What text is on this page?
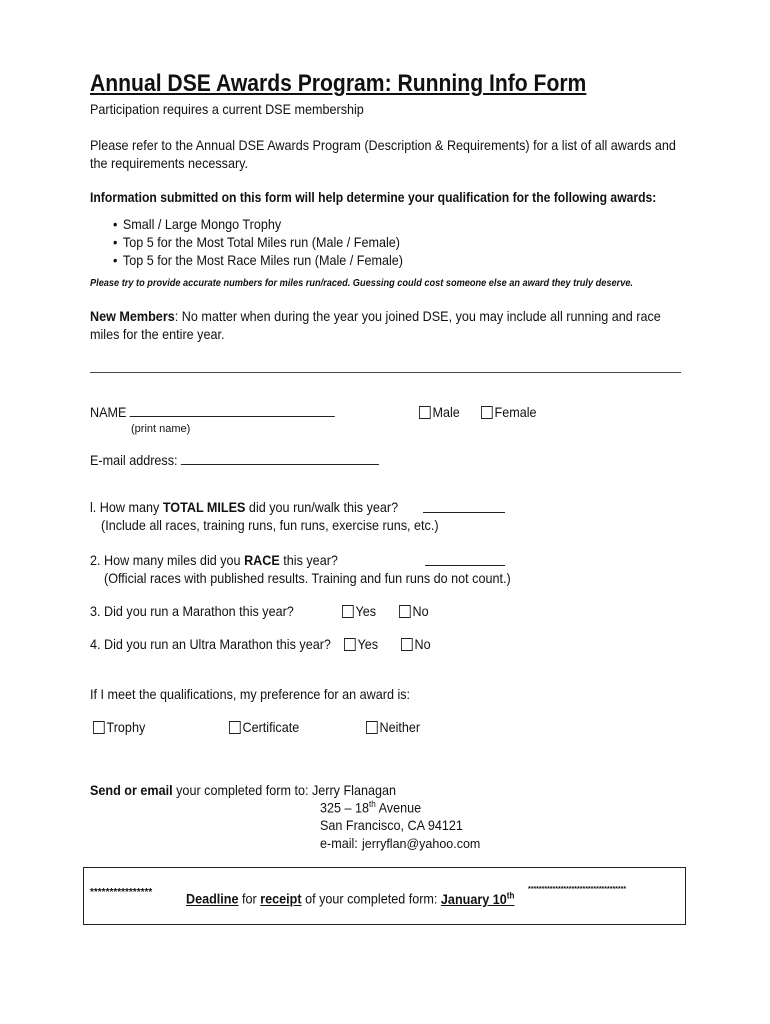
Annual DSE Awards Program: Running Info Form
Participation requires a current DSE membership
Please refer to the Annual DSE Awards Program (Description & Requirements) for a list of all awards and
the requirements necessary.
Information submitted on this form will help determine your qualification for the following awards:
• Small / Large Mongo Trophy
• Top 5 for the Most Total Miles run (Male / Female)
• Top 5 for the Most Race Miles run (Male / Female)
Please try to provide accurate numbers for miles run/raced. Guessing could cost someone else an award they truly deserve.
New Members: No matter when during the year you joined DSE, you may include all running and race
miles for the entire year.
NAME
(print name)
Male	Female
E-mail address:
l. How many TOTAL MILES did you run/walk this year?
(Include all races, training runs, fun runs, exercise runs, etc.)
2. How many miles did you RACE this year?
(Official races with published results. Training and fun runs do not count.)
3. Did you run a Marathon this year?	Yes	No
4. Did you run an Ultra Marathon this year?	Yes	No
If I meet the qualifications, my preference for an award is:
Trophy	Certificate	Neither
Send or email your completed form to: Jerry Flanagan
325 – 18th Avenue
San Francisco, CA 94121
e-mail:jerryflan@yahoo.com
**************** Deadline for receipt of your completed form: January 10th
************************************
